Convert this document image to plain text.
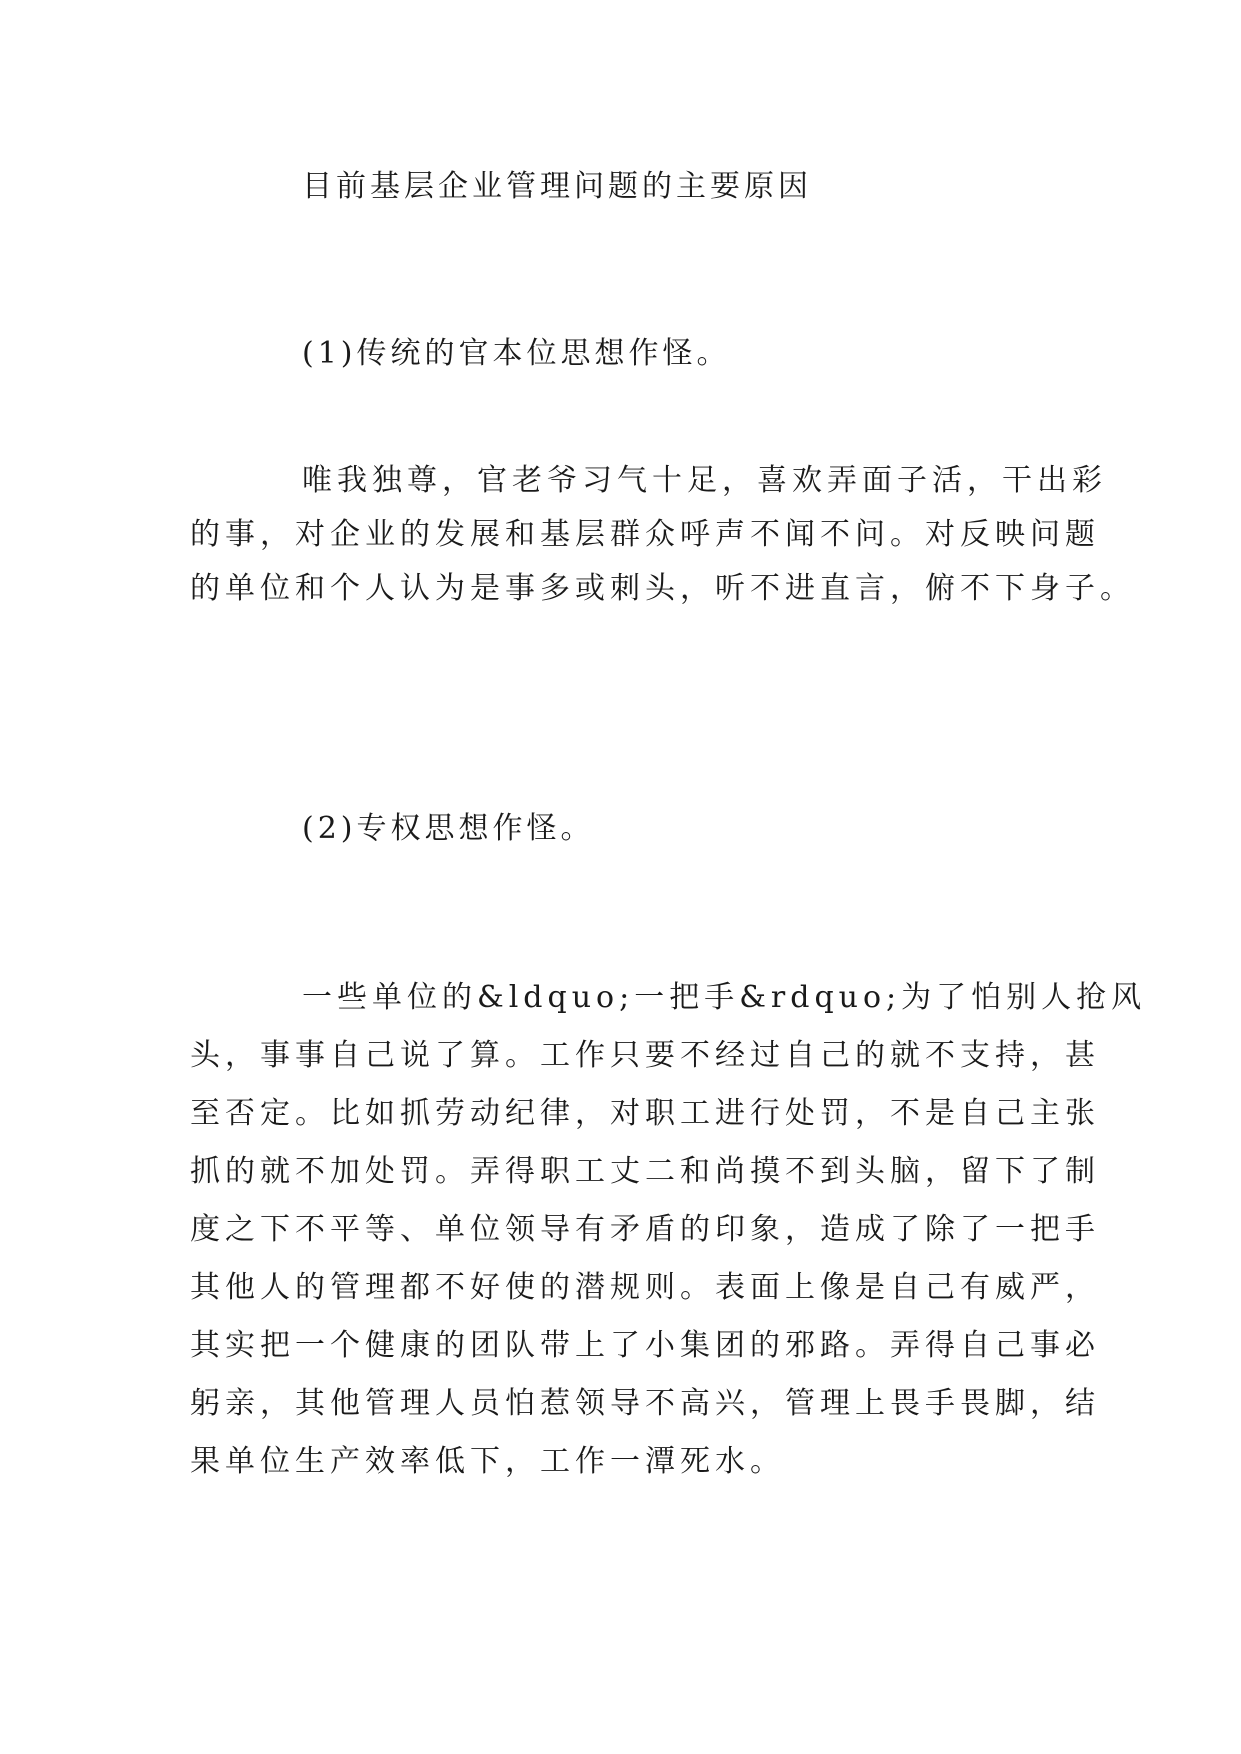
目前基层企业管理问题的主要原因
(1)传统的官本位思想作怪。
唯我独尊，官老爷习气十足，喜欢弄面子活，干出彩
的事，对企业的发展和基层群众呼声不闻不问。对反映问题
的单位和个人认为是事多或刺头，听不进直言，俯不下身子。
(2)专权思想作怪。
一些单位的&ldquo;一把手&rdquo;为了怕别人抢风
头，事事自己说了算。工作只要不经过自己的就不支持，甚
至否定。比如抓劳动纪律，对职工进行处罚，不是自己主张
抓的就不加处罚。弄得职工丈二和尚摸不到头脑，留下了制
度之下不平等、单位领导有矛盾的印象，造成了除了一把手
其他人的管理都不好使的潜规则。表面上像是自己有威严，
其实把一个健康的团队带上了小集团的邪路。弄得自己事必
躬亲，其他管理人员怕惹领导不高兴，管理上畏手畏脚，结
果单位生产效率低下，工作一潭死水。
